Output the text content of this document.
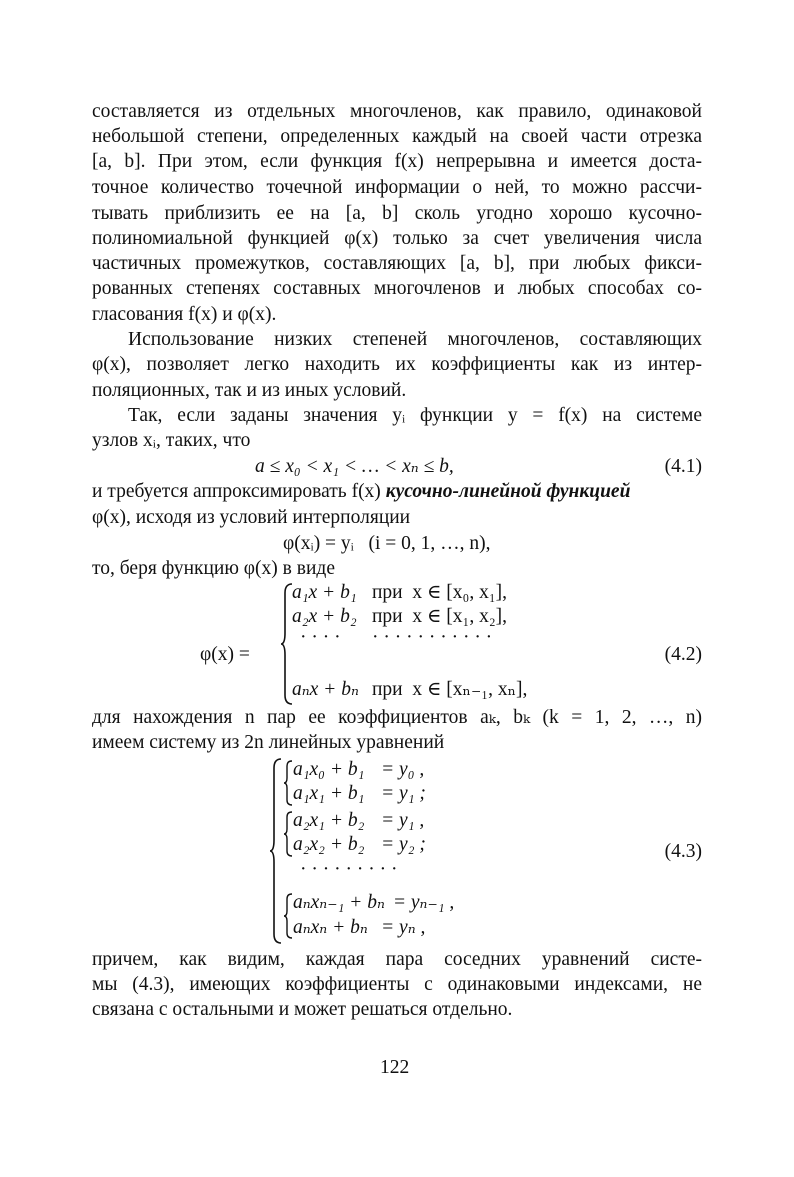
составляется из отдельных многочленов, как правило, одинаковой
небольшой степени, определенных каждый на своей части отрезка
[a, b]. При этом, если функция f(x) непрерывна и имеется доста-
точное количество точечной информации о ней, то можно рассчи-
тывать приблизить ее на [a, b] сколь угодно хорошо кусочно-
полиномиальной функцией φ(x) только за счет увеличения числа
частичных промежутков, составляющих [a, b], при любых фикси-
рованных степенях составных многочленов и любых способах со-
гласования f(x) и φ(x).
Использование низких степеней многочленов, составляющих
φ(x), позволяет легко находить их коэффициенты как из интер-
поляционных, так и из иных условий.
Так, если заданы значения yᵢ функции y = f(x) на системе
узлов xᵢ, таких, что
a ≤ x₀ < x₁ < … < xₙ ≤ b,	(4.1)
и требуется аппроксимировать f(x) кусочно-линейной функцией
φ(x), исходя из условий интерполяции
φ(xᵢ) = yᵢ   (i = 0, 1, …, n),
то, беря функцию φ(x) в виде
φ(x) =
a₁x + b₁ при  x ∈ [x₀, x₁],
a₂x + b₂ при  x ∈ [x₁, x₂],
· · · ·	· · · · · · · · · · ·
aₙx + bₙ при  x ∈ [xₙ₋₁, xₙ],
(4.2)
для нахождения n пар ее коэффициентов aₖ, bₖ (k = 1, 2, …, n)
имеем систему из 2n линейных уравнений
a₁x₀ + b₁ = y₀ ,
a₁x₁ + b₁ = y₁ ;
a₂x₁ + b₂ = y₁ ,
a₂x₂ + b₂ = y₂ ;
· · · · · · · · ·
aₙxₙ₋₁ + bₙ = yₙ₋₁ ,
aₙxₙ + bₙ = yₙ ,
(4.3)
причем, как видим, каждая пара соседних уравнений систе-
мы (4.3), имеющих коэффициенты с одинаковыми индексами, не
связана с остальными и может решаться отдельно.
122
